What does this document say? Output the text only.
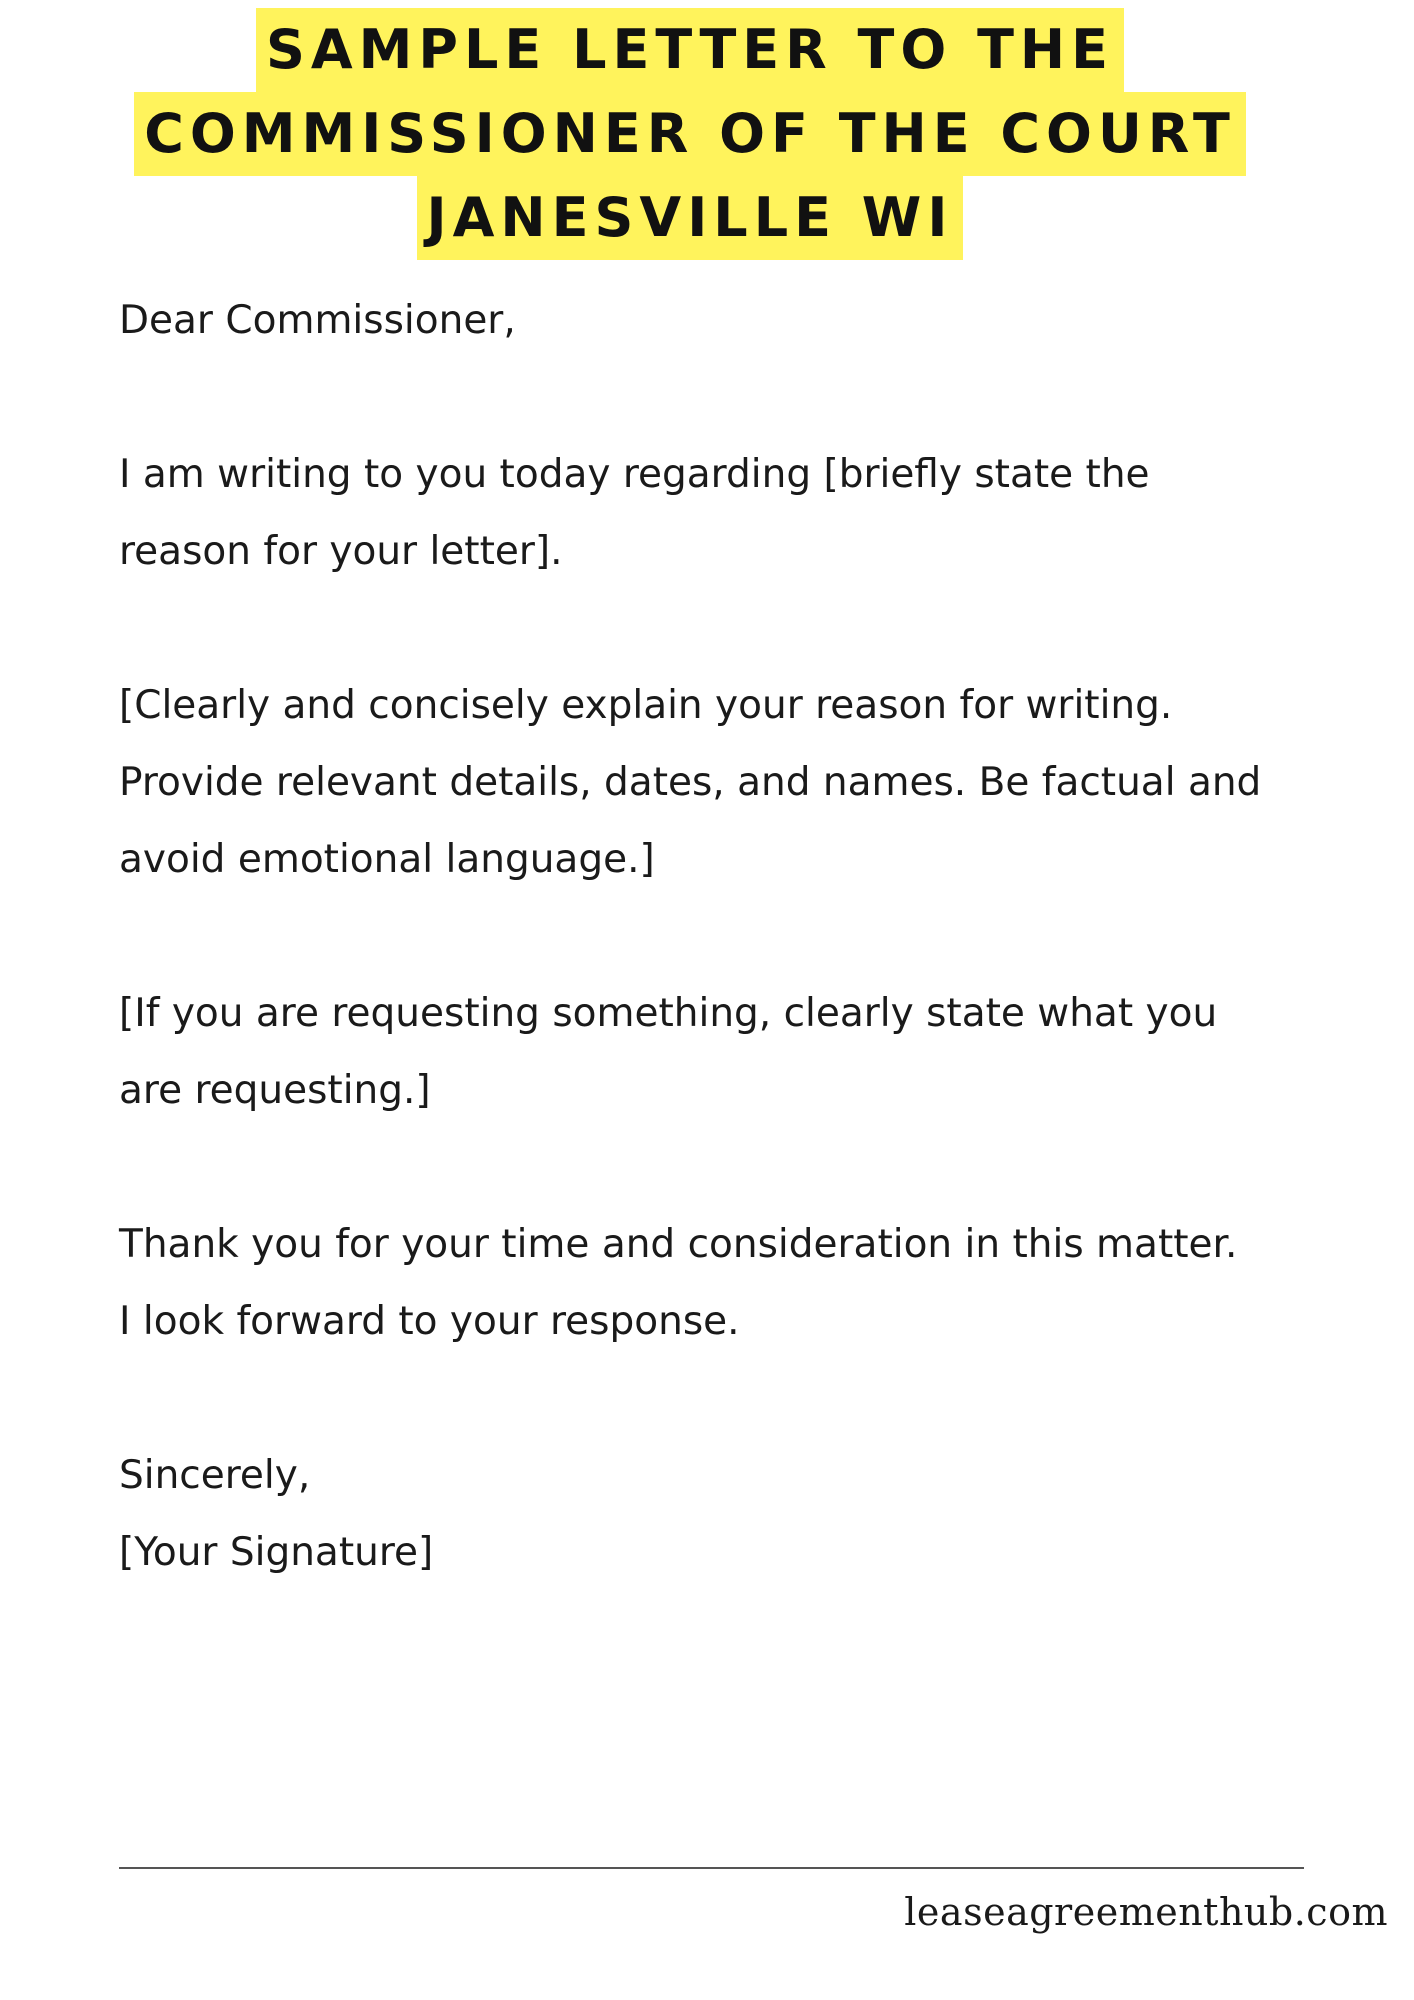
SAMPLE LETTER TO THE
COMMISSIONER OF THE COURT
JANESVILLE WI

Dear Commissioner,

I am writing to you today regarding [briefly state the
reason for your letter].

[Clearly and concisely explain your reason for writing.
Provide relevant details, dates, and names. Be factual and
avoid emotional language.]

[If you are requesting something, clearly state what you
are requesting.]

Thank you for your time and consideration in this matter.
I look forward to your response.

Sincerely,

[Your Signature]

leaseagreementhub.com
